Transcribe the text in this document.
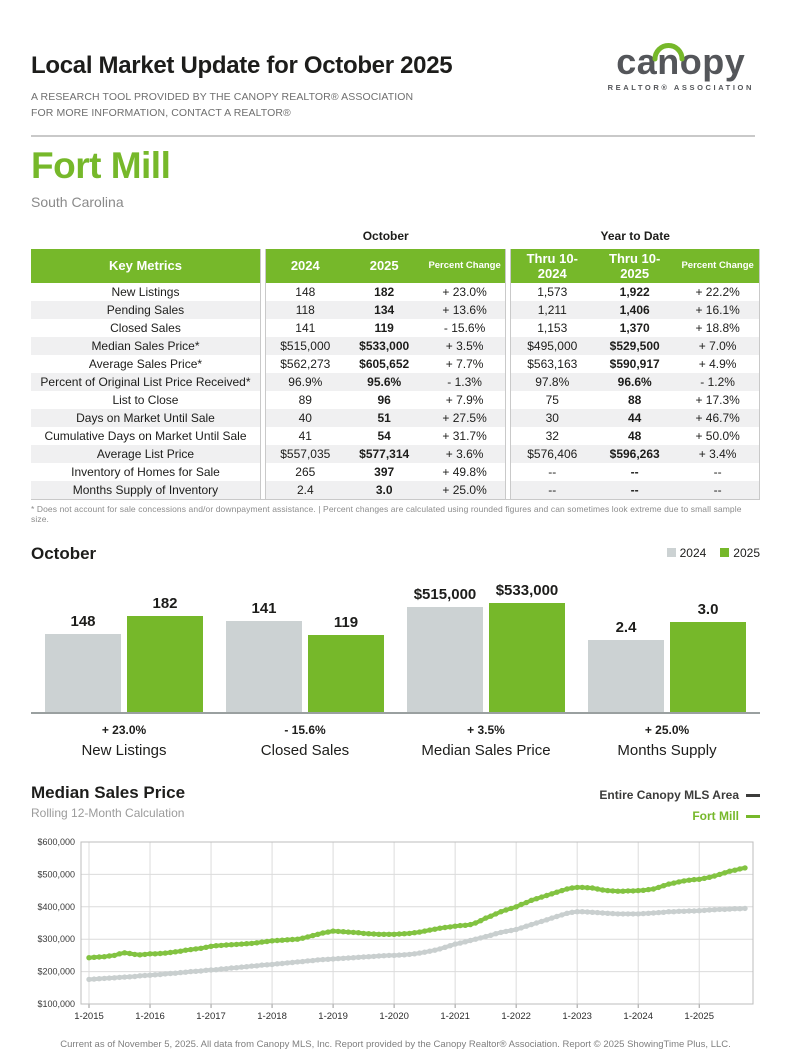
Local Market Update for October 2025
A RESEARCH TOOL PROVIDED BY THE CANOPY REALTOR® ASSOCIATION
FOR MORE INFORMATION, CONTACT A REALTOR®
can
opy
REALTOR® ASSOCIATION
Fort Mill
South Carolina
		October				Year to Date		
Key Metrics		2024	2025	Percent Change		Thru 10-2024	Thru 10-2025	Percent Change
New Listings		148	182	+ 23.0%		1,573	1,922	+ 22.2%
Pending Sales		118	134	+ 13.6%		1,211	1,406	+ 16.1%
Closed Sales		141	119	- 15.6%		1,153	1,370	+ 18.8%
Median Sales Price*		$515,000	$533,000	+ 3.5%		$495,000	$529,500	+ 7.0%
Average Sales Price*		$562,273	$605,652	+ 7.7%		$563,163	$590,917	+ 4.9%
Percent of Original List Price Received*		96.9%	95.6%	- 1.3%		97.8%	96.6%	- 1.2%
List to Close		89	96	+ 7.9%		75	88	+ 17.3%
Days on Market Until Sale		40	51	+ 27.5%		30	44	+ 46.7%
Cumulative Days on Market Until Sale		41	54	+ 31.7%		32	48	+ 50.0%
Average List Price		$557,035	$577,314	+ 3.6%		$576,406	$596,263	+ 3.4%
Inventory of Homes for Sale		265	397	+ 49.8%		--	--	--
Months Supply of Inventory		2.4	3.0	+ 25.0%		--	--	--
* Does not account for sale concessions and/or downpayment assistance. | Percent changes are calculated using rounded figures and can sometimes look extreme due to small sample size.
October	2024 2025
148
182	141
119
$515,000 $533,000
2.4
3.0
+ 23.0%	- 15.6%	+ 3.5%	+ 25.0%
New Listings	Closed Sales	Median Sales Price	Months Supply
Median Sales Price
Rolling 12-Month Calculation
Entire Canopy MLS Area
Fort Mill
$600,000
$500,000
$400,000
$300,000
$200,000
$100,000
1-2015	1-2016	1-2017	1-2018	1-2019	1-2020	1-2021	1-2022	1-2023	1-2024	1-2025
Current as of November 5, 2025. All data from Canopy MLS, Inc. Report provided by the Canopy Realtor® Association. Report © 2025 ShowingTime Plus, LLC.
